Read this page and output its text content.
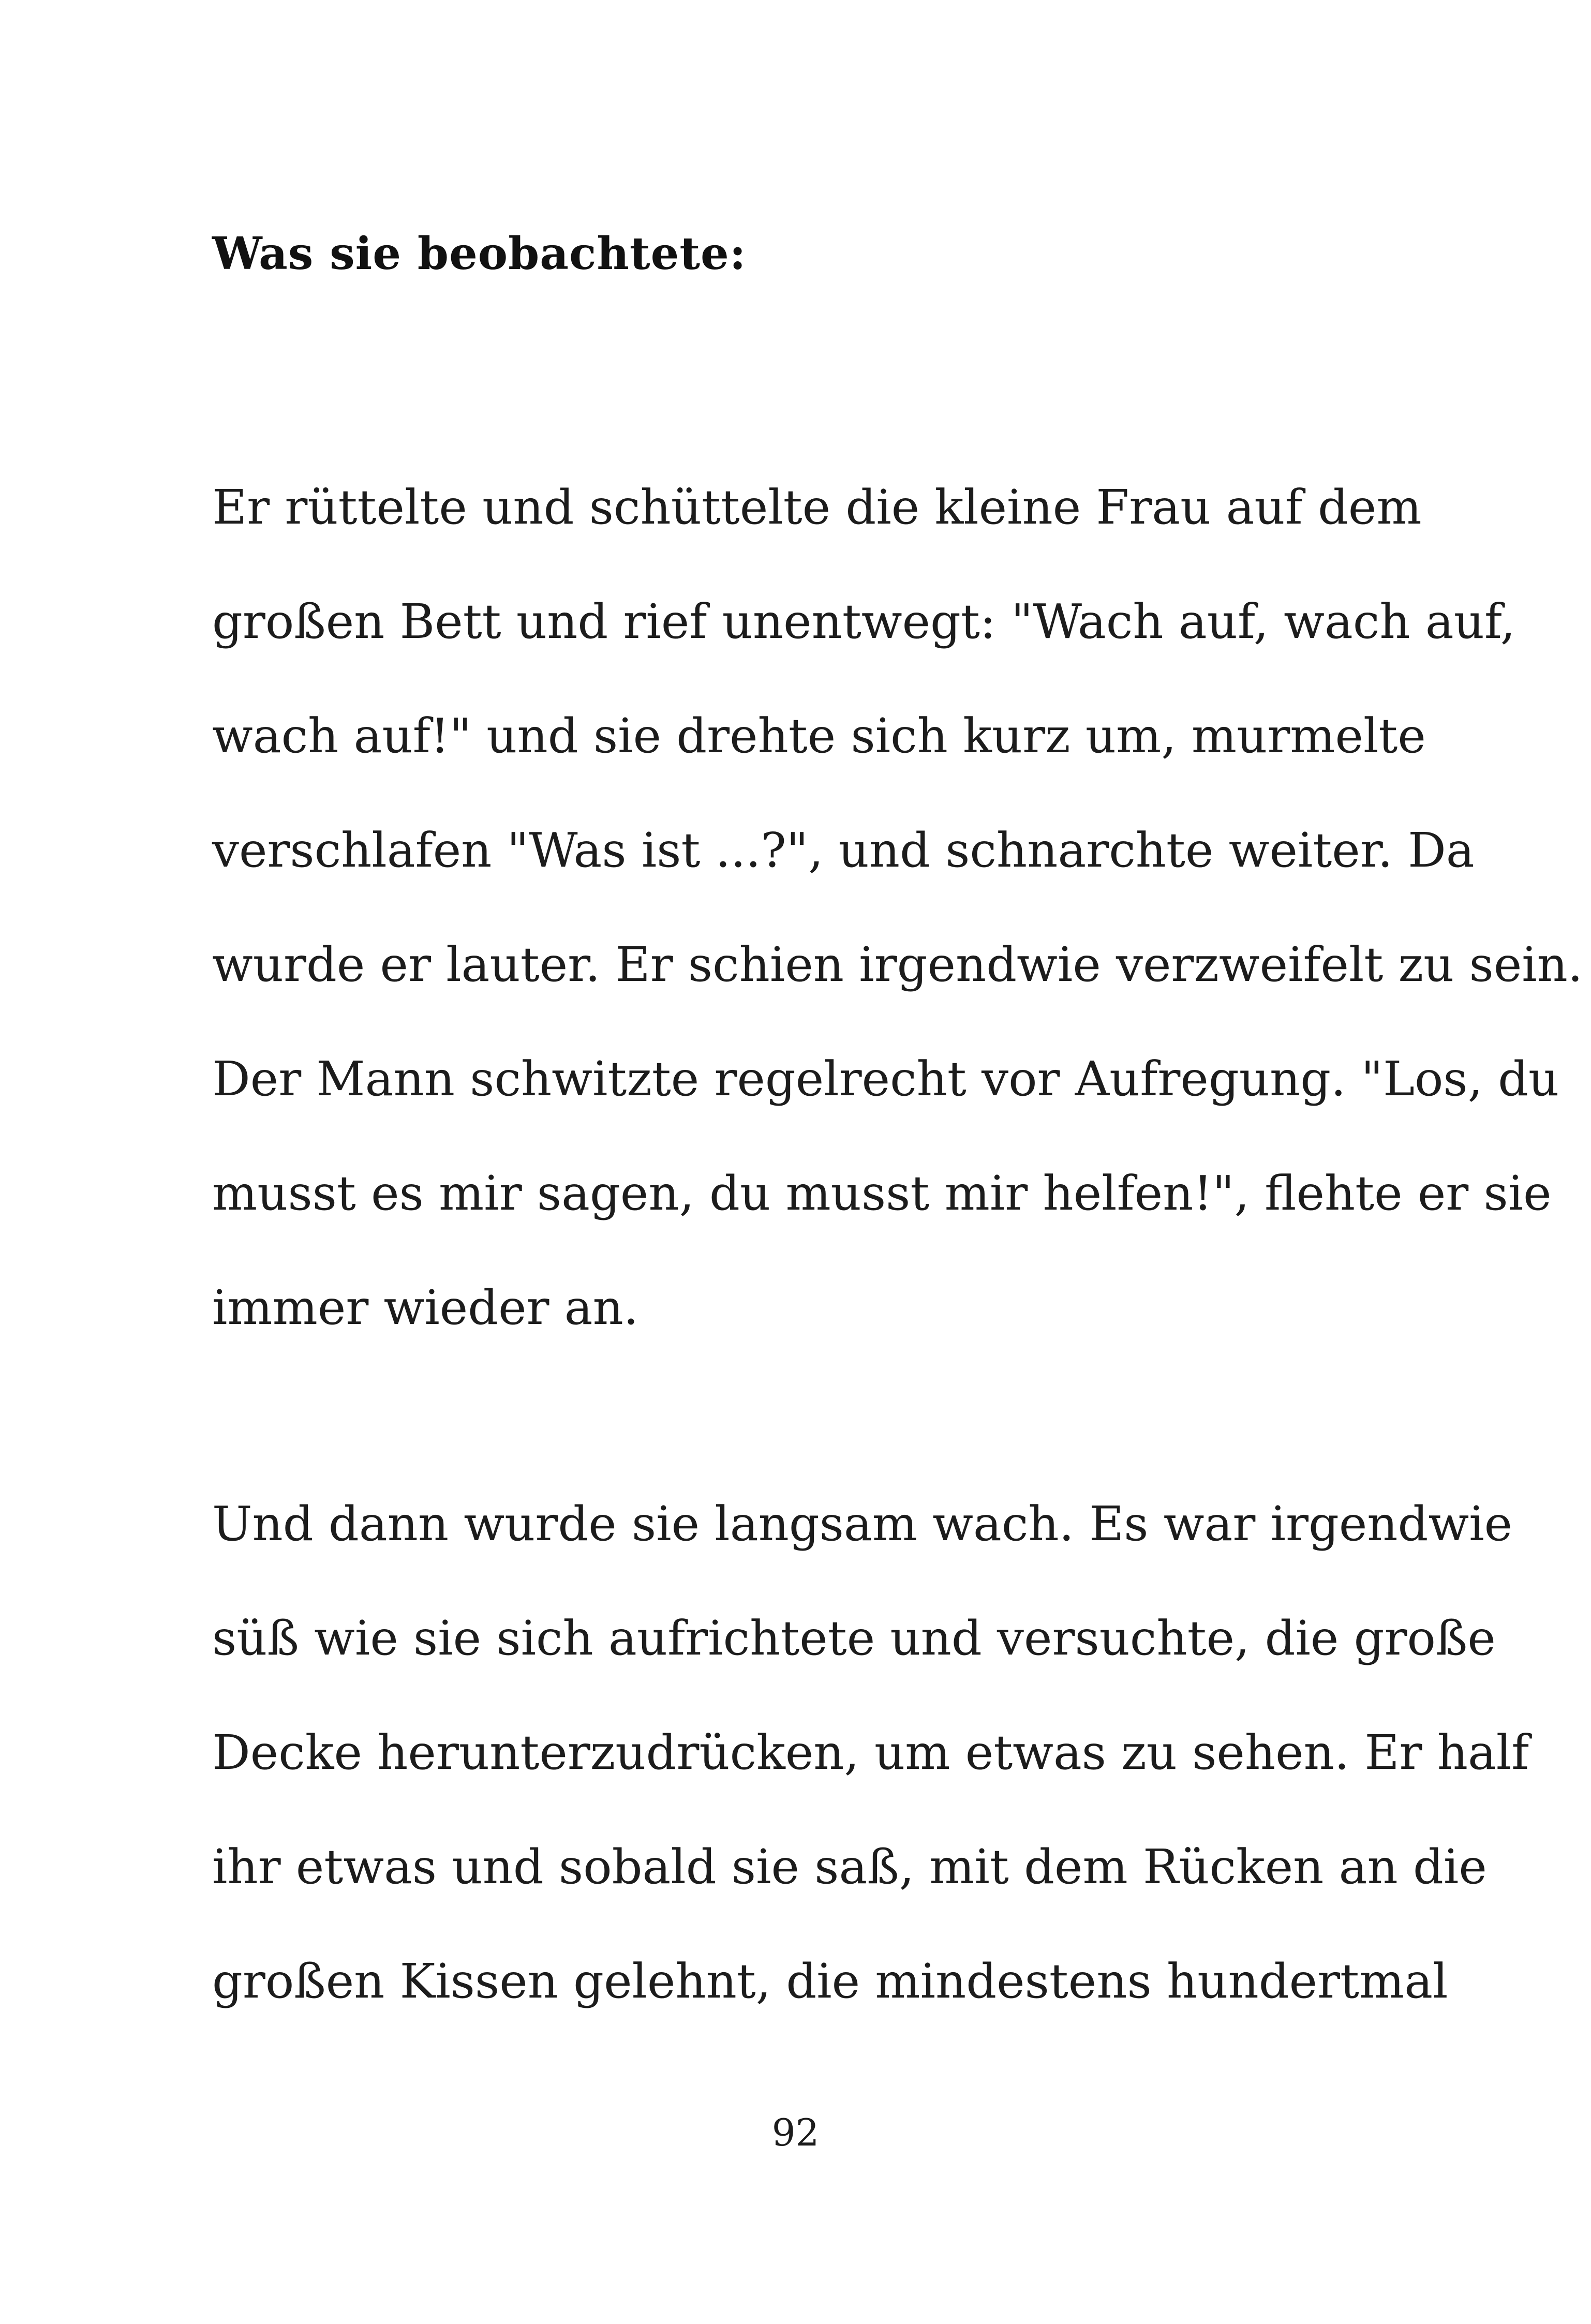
Was sie beobachtete:

Er rüttelte und schüttelte die kleine Frau auf dem
großen Bett und rief unentwegt: "Wach auf, wach auf,
wach auf!" und sie drehte sich kurz um, murmelte
verschlafen "Was ist ...?", und schnarchte weiter. Da
wurde er lauter. Er schien irgendwie verzweifelt zu sein.
Der Mann schwitzte regelrecht vor Aufregung. "Los, du
musst es mir sagen, du musst mir helfen!", flehte er sie
immer wieder an.

Und dann wurde sie langsam wach. Es war irgendwie
süß wie sie sich aufrichtete und versuchte, die große
Decke herunterzudrücken, um etwas zu sehen. Er half
ihr etwas und sobald sie saß, mit dem Rücken an die
großen Kissen gelehnt, die mindestens hundertmal

92
